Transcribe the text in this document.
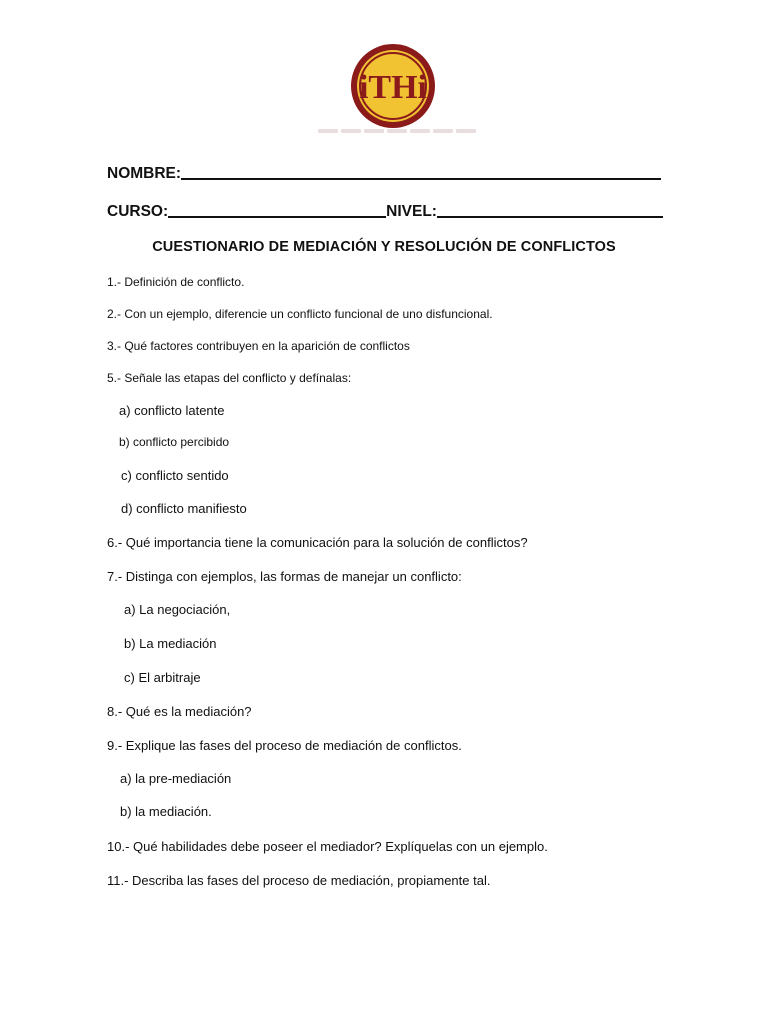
iTHi
NOMBRE:
CURSO:	NIVEL:
CUESTIONARIO DE MEDIACIÓN Y RESOLUCIÓN DE CONFLICTOS
1.- Definición de conflicto.
2.- Con un ejemplo, diferencie un conflicto funcional de uno disfuncional.
3.- Qué factores contribuyen en la aparición de conflictos
5.- Señale las etapas del conflicto y defínalas:
a) conflicto latente
b) conflicto percibido
c) conflicto sentido
d) conflicto manifiesto
6.- Qué importancia tiene la comunicación para la solución de conflictos?
7.- Distinga con ejemplos, las formas de manejar un conflicto:
a) La negociación,
b) La mediación
c) El arbitraje
8.- Qué es la mediación?
9.- Explique las fases del proceso de mediación de conflictos.
a) la pre-mediación
b) la mediación.
10.- Qué habilidades debe poseer el mediador? Explíquelas con un ejemplo.
11.- Describa las fases del proceso de mediación, propiamente tal.
